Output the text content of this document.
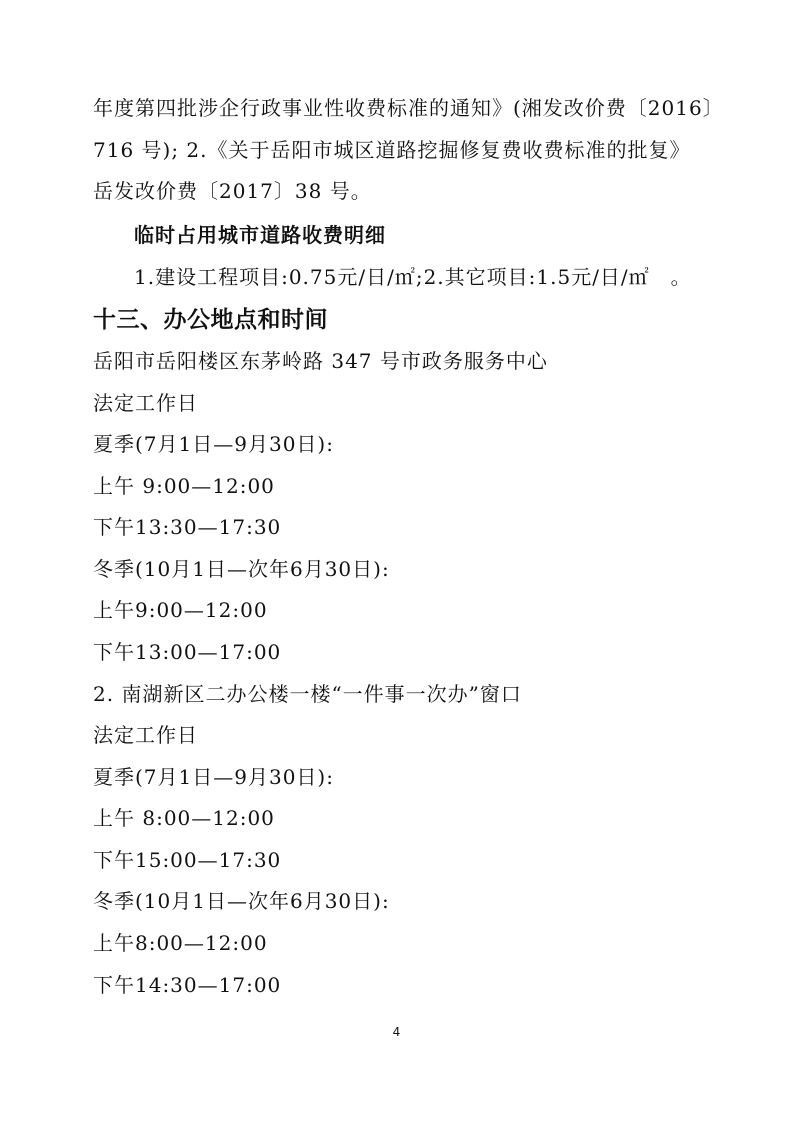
年度第四批涉企行政事业性收费标准的通知》(湘发改价费〔2016〕
716 号); 2.《关于岳阳市城区道路挖掘修复费收费标准的批复》
岳发改价费〔2017〕38 号。
临时占用城市道路收费明细
1.建设工程项目:0.75元/日/㎡;2.其它项目:1.5元/日/㎡　。
十三、办公地点和时间
岳阳市岳阳楼区东茅岭路 347 号市政务服务中心
法定工作日
夏季(7月1日—9月30日):
上午 9:00—12:00
下午13:30—17:30
冬季(10月1日—次年6月30日):
上午9:00—12:00
下午13:00—17:00
2. 南湖新区二办公楼一楼“一件事一次办”窗口
法定工作日
夏季(7月1日—9月30日):
上午 8:00—12:00
下午15:00—17:30
冬季(10月1日—次年6月30日):
上午8:00—12:00
下午14:30—17:00
4
